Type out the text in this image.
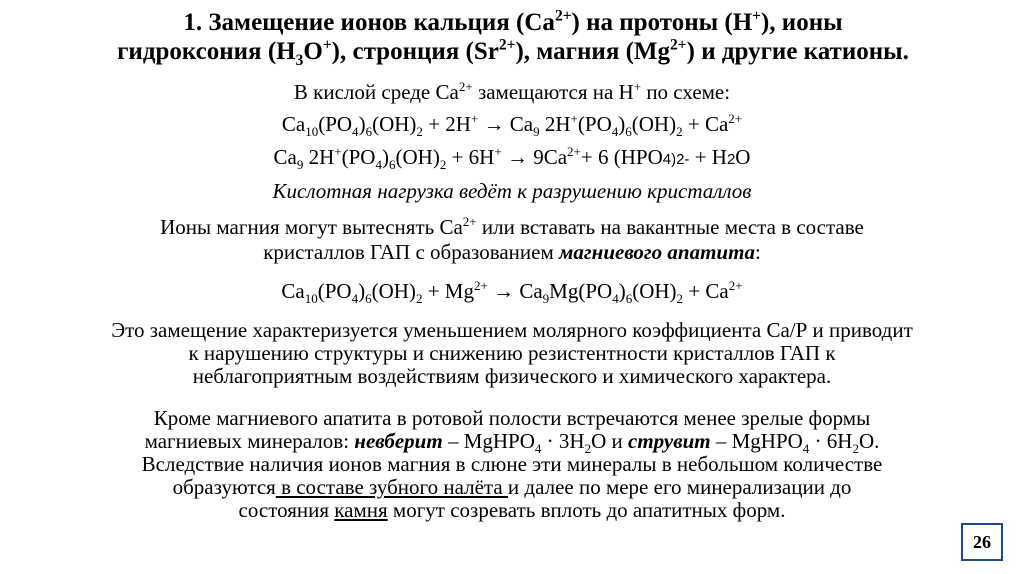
1. Замещение ионов кальция $(Са^{2+})$ на протоны (Н+), ионы
гидроксония $(Н_3О^+)$, стронция $(Sr^{2+})$, магния $(Mg^{2+})$ и другие катионы.
В кислой среде $Са^{2+}$ замещаются на Н+ по схеме:
$Са_{10}(PO_4)_6(OH)_2 + 2H^+ \to Ca_9$ $2H^+(PO_4)_6(OH)_2 + Ca^{2+}$
$Ca_9$ $2H^+(PO_4)_6(OH)_2 + 6H^+ \to 9Ca^{2+}+ 6$ (HPO4)2- + H2O
Кислотная нагрузка ведёт к разрушению кристаллов
Ионы магния могут вытеснять $Са^{2+}$ или вставать на вакантные места в составе
кристаллов ГАП с образованием магниевого апатита:
$Са_{10}(PO_4)_6(OH)_2 + Mg^{2+} \to Ca_9Mg(PO_4)_6(OH)_2 + Ca^{2+}$
Это замещение характеризуется уменьшением молярного коэффициента Са/Р и приводит
к нарушению структуры и снижению резистентности кристаллов ГАП к
неблагоприятным воздействиям физического и химического характера.
Кроме магниевого апатита в ротовой полости встречаются менее зрелые формы
магниевых минералов: невберит – MgHPO$_4$ · $3H_2O$ и струвит – MgHPO$_4$ · $6H_2O$.
Вследствие наличия ионов магния в слюне эти минералы в небольшом количестве
образуются в составе зубного налёта и далее по мере его минерализации до
состояния камня могут созревать вплоть до апатитных форм.
26
